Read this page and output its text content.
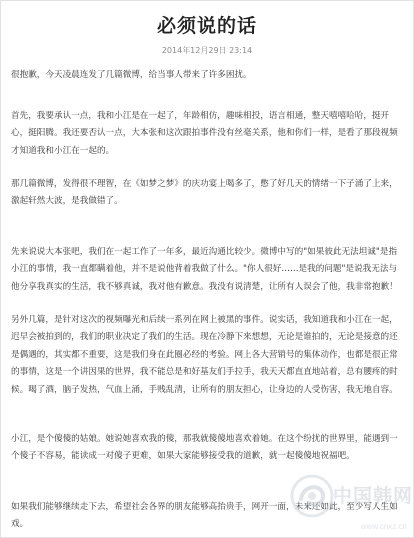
必须说的话

2014年12月29日 23:14

很抱歉，今天凌晨连发了几篇微博，给当事人带来了许多困扰。

首先，我要承认一点，我和小江是在一起了，年龄相仿，趣味相投，语言相通，整天嘻嘻哈哈，挺开心，挺阳腾。我还要否认一点，大本张和这次跟拍事件没有丝毫关系，他和你们一样，是看了那段视频才知道我和小江在一起的。

那几篇微博，发得很不理智，在《如梦之梦》的庆功宴上喝多了，憋了好几天的情绪一下子涌了上来，激起轩然大波，是我做错了。

先来说说大本张吧，我们在一起工作了一年多，最近沟通比较少。微博中写的"如果彼此无法坦诚"是指小江的事情，我一直都瞒着他，并不是说他背着我做了什么。"你人很好……是我的问题"是说我无法与他分享我真实的生活，我不够真诚，我对他有歉意。我没有说清楚，让所有人误会了他，我非常抱歉！

另外几篇，是针对这次的视频曝光和后续一系列在网上被黑的事件。说实话，我知道我和小江在一起，迟早会被拍到的，我们的职业决定了我们的生活。现在冷静下来想想，无论是谁拍的，无论是接意的还是偶遇的，其实都不重要，这是我们身在此圈必经的考验。网上各大营销号的集体动作，也都是很正常的事情，这是一个讲因果的世界，我不能总是和好基友们手拉手，我天天都直直地站着，总有腰疼的时候。喝了酒，脑子发热，气血上涌，手贱乱清，让所有的朋友担心，让身边的人受伤害，我无地自容。

小江，是个傻傻的姑娘。她说她喜欢我的傻，那我就傻傻地喜欢着她。在这个纷扰的世界里，能遇到一个傻子不容易，能读成一对傻子更难，如果大家能够接受我的道歉，就一起傻傻地祝福吧。

如果我们能够继续走下去，希望社会各界的朋友能够高抬贵手，网开一面，未来还如此，至少写人生如戏。

中国韩网
www.cnxz.cn
